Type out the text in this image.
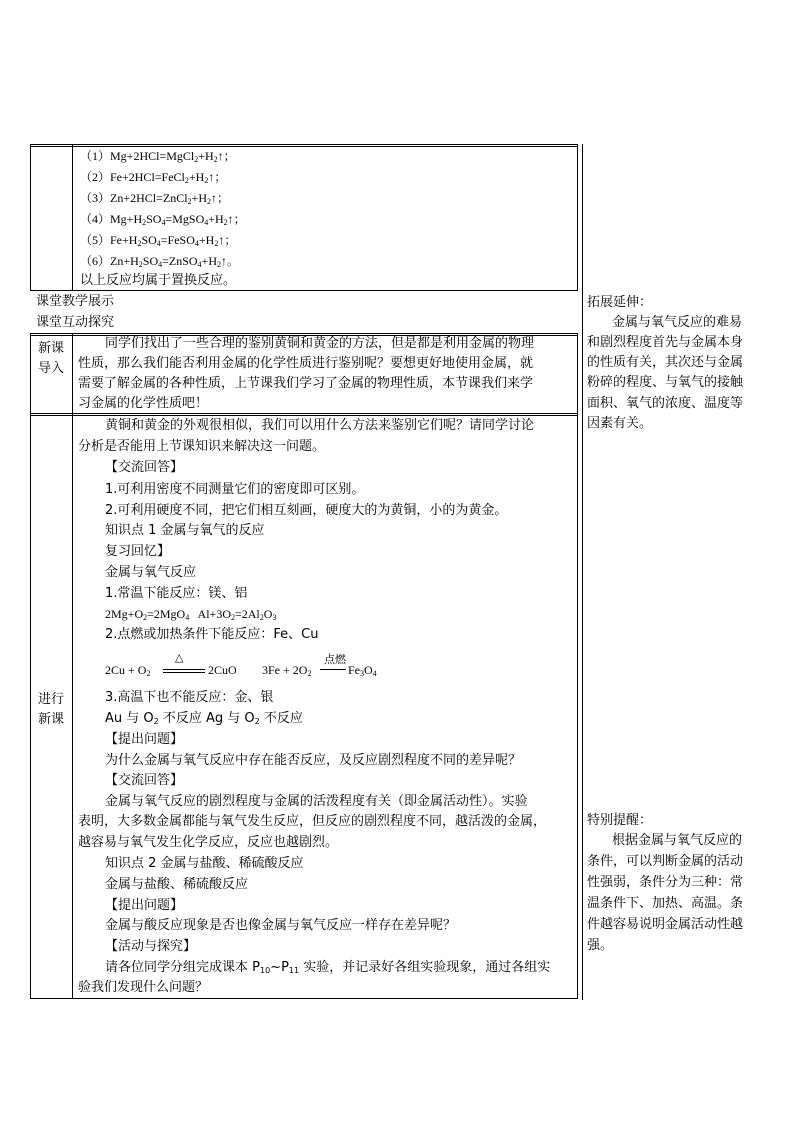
$(1)Mg+2HCl=MgCl_2+H_2↑$；
$(2)Fe+2HCl=FeCl_2+H_2↑$；
$(3)Zn+2HCl=ZnCl_2+H_2↑$；
$(4)Mg+H_2SO_4=MgSO_4+H_2↑$；
$(5)Fe+H_2SO_4=FeSO_4+H_2↑$；
$(6)Zn+H_2SO_4=ZnSO_4+H_2↑$。
以上反应均属于置换反应。
课堂教学展示
课堂互动探究
新课
导入
同学们找出了一些合理的鉴别黄铜和黄金的方法，但是都是利用金属的物理
性质，那么我们能否利用金属的化学性质进行鉴别呢？要想更好地使用金属，就
需要了解金属的各种性质，上节课我们学习了金属的物理性质，本节课我们来学
习金属的化学性质吧！
进行
新课
黄铜和黄金的外观很相似，我们可以用什么方法来鉴别它们呢？请同学讨论
分析是否能用上节课知识来解决这一问题。
【交流回答】
1.可利用密度不同测量它们的密度即可区别。
2.可利用硬度不同，把它们相互刻画，硬度大的为黄铜，小的为黄金。
知识点 1 金属与氧气的反应
复习回忆】
金属与氧气反应
1.常温下能反应：镁、铝
$2Mg+O_2=2MgO_4$   $Al+3O_2=2Al_2O_3$
2.点燃或加热条件下能反应：Fe、Cu
$2Cu + O_2$
△
2CuO $3Fe + 2O_2$
点燃
$Fe_3O_4$
3.高温下也不能反应：金、银
Au 与 $O_2$ 不反应 Ag 与 $O_2$ 不反应
【提出问题】
为什么金属与氧气反应中存在能否反应，及反应剧烈程度不同的差异呢？
【交流回答】
金属与氧气反应的剧烈程度与金属的活泼程度有关（即金属活动性）。实验
表明，大多数金属都能与氧气发生反应，但反应的剧烈程度不同，越活泼的金属，
越容易与氧气发生化学反应，反应也越剧烈。
知识点 2 金属与盐酸、稀硫酸反应
金属与盐酸、稀硫酸反应
【提出问题】
金属与酸反应现象是否也像金属与氧气反应一样存在差异呢？
【活动与探究】
请各位同学分组完成课本 $P_{10}\sim P_{11}$ 实验，并记录好各组实验现象，通过各组实
验我们发现什么问题？
拓展延伸：
金属与氧气反应的难易
和剧烈程度首先与金属本身
的性质有关，其次还与金属
粉碎的程度、与氧气的接触
面积、氧气的浓度、温度等
因素有关。
特别提醒：
根据金属与氧气反应的
条件，可以判断金属的活动
性强弱，条件分为三种：常
温条件下、加热、高温。条
件越容易说明金属活动性越
强。
